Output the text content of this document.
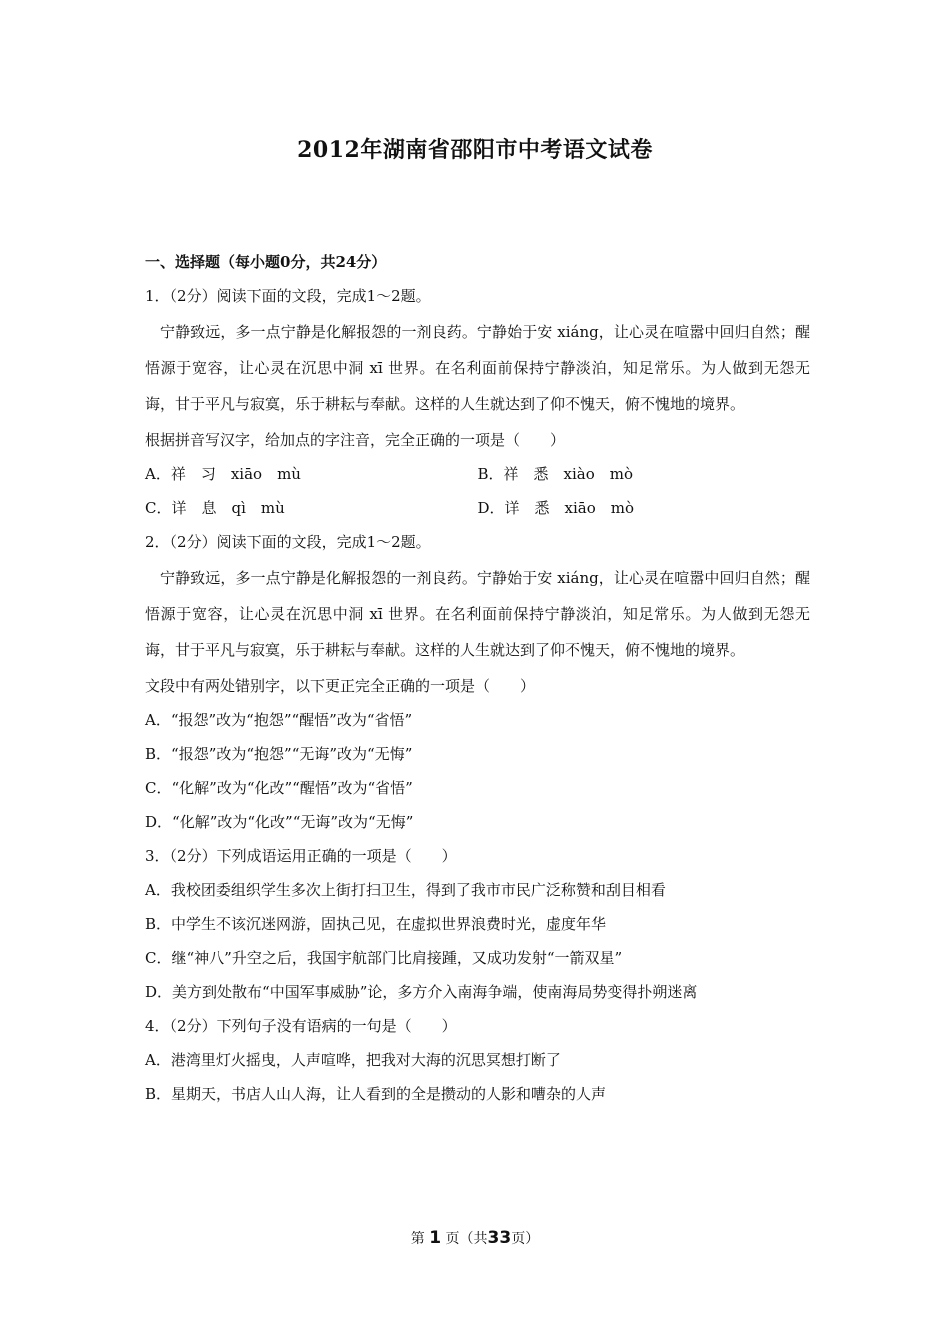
2012年湖南省邵阳市中考语文试卷
一、选择题（每小题0分，共24分）
1．（2分）阅读下面的文段，完成1～2题。
宁静致远，多一点宁静是化解报怨的一剂良药。宁静始于安 xiáng，让心灵在喧嚣中回归自然；醒悟源于宽容，让心灵在沉思中洞 xī 世界。在名利面前保持宁静淡泊，知足常乐。为人做到无怨无诲，甘于平凡与寂寞，乐于耕耘与奉献。这样的人生就达到了仰不愧天，俯不愧地的境界。
根据拼音写汉字，给加点的字注音，完全正确的一项是（　　）
A．祥　习　xiāo　mù	B．祥　悉　xiào　mò
C．详　息　qì　mù	D．详　悉　xiāo　mò
2．（2分）阅读下面的文段，完成1～2题。
宁静致远，多一点宁静是化解报怨的一剂良药。宁静始于安 xiáng，让心灵在喧嚣中回归自然；醒悟源于宽容，让心灵在沉思中洞 xī 世界。在名利面前保持宁静淡泊，知足常乐。为人做到无怨无诲，甘于平凡与寂寞，乐于耕耘与奉献。这样的人生就达到了仰不愧天，俯不愧地的境界。
文段中有两处错别字，以下更正完全正确的一项是（　　）
A．“报怨”改为“抱怨”“醒悟”改为“省悟”
B．“报怨”改为“抱怨”“无诲”改为“无悔”
C．“化解”改为“化改”“醒悟”改为“省悟”
D．“化解”改为“化改”“无诲”改为“无悔”
3．（2分）下列成语运用正确的一项是（　　）
A．我校团委组织学生多次上街打扫卫生，得到了我市市民广泛称赞和刮目相看
B．中学生不该沉迷网游，固执己见，在虚拟世界浪费时光，虚度年华
C．继“神八”升空之后，我国宇航部门比肩接踵，又成功发射“一箭双星”
D．美方到处散布“中国军事威胁”论，多方介入南海争端，使南海局势变得扑朔迷离
4．（2分）下列句子没有语病的一句是（　　）
A．港湾里灯火摇曳，人声喧哗，把我对大海的沉思冥想打断了
B．星期天，书店人山人海，让人看到的全是攒动的人影和嘈杂的人声
第 1 页（共33页）
